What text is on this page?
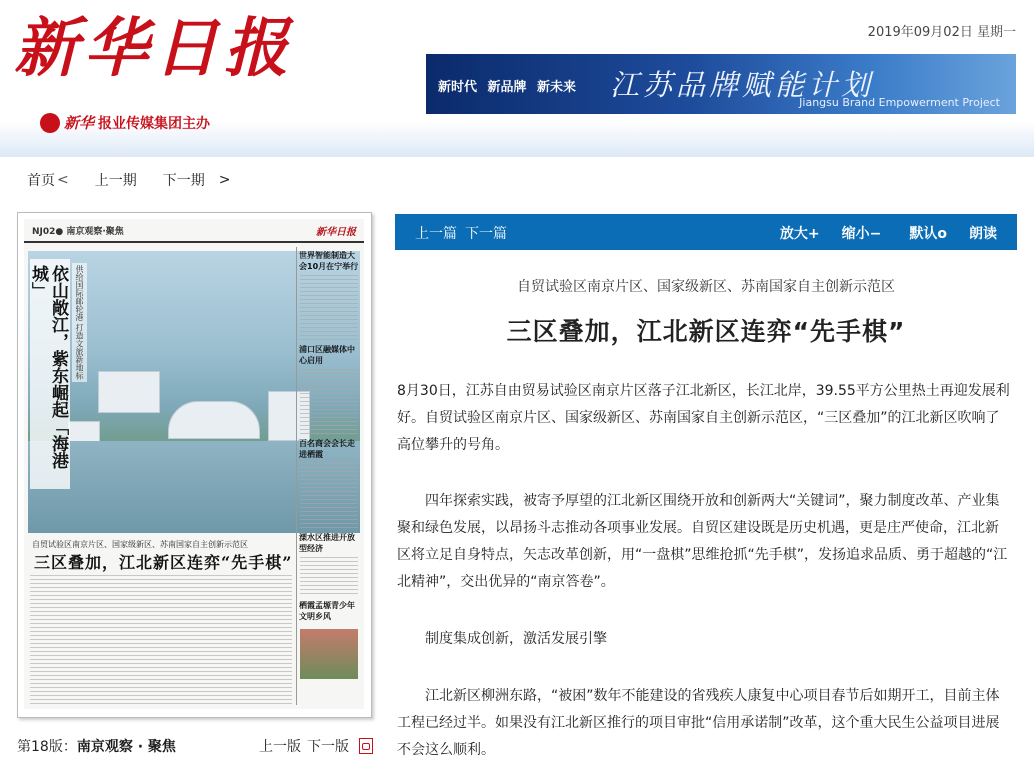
新华日报
新华 报业传媒集团主办
2019年09月02日 星期一
新时代 新品牌 新未来 江苏品牌赋能计划
Jiangsu Brand Empowerment Project
首页 < 上一期 下一期 >
NJ02● 南京观察·聚焦	新华日报
依山敞江，紫东崛起「海港城」	供给国际邮轮港 打造文旅新地标
世界智能制造大会10月在宁举行
浦口区融媒体中心启用
百名商会会长走进栖霞
溧水区推进开放型经济
栖霞孟塬青少年文明乡风
自贸试验区南京片区、国家级新区、苏南国家自主创新示范区
三区叠加，江北新区连弈“先手棋”
第18版：南京观察 · 聚焦	上一版 下一版
上一篇 下一篇	放大+ 缩小− 默认o 朗读
自贸试验区南京片区、国家级新区、苏南国家自主创新示范区
三区叠加，江北新区连弈“先手棋”

8月30日，江苏自由贸易试验区南京片区落子江北新区，长江北岸，39.55平方公里热土再迎发展利好。自贸试验区南京片区、国家级新区、苏南国家自主创新示范区，“三区叠加”的江北新区吹响了高位攀升的号角。

四年探索实践，被寄予厚望的江北新区围绕开放和创新两大“关键词”，聚力制度改革、产业集聚和绿色发展，以昂扬斗志推动各项事业发展。自贸区建设既是历史机遇，更是庄严使命，江北新区将立足自身特点，矢志改革创新，用“一盘棋”思维抢抓“先手棋”，发扬追求品质、勇于超越的“江北精神”，交出优异的“南京答卷”。

制度集成创新，激活发展引擎

江北新区柳洲东路，“被困”数年不能建设的省残疾人康复中心项目春节后如期开工，目前主体工程已经过半。如果没有江北新区推行的项目审批“信用承诺制”改革，这个重大民生公益项目进展不会这么顺利。
